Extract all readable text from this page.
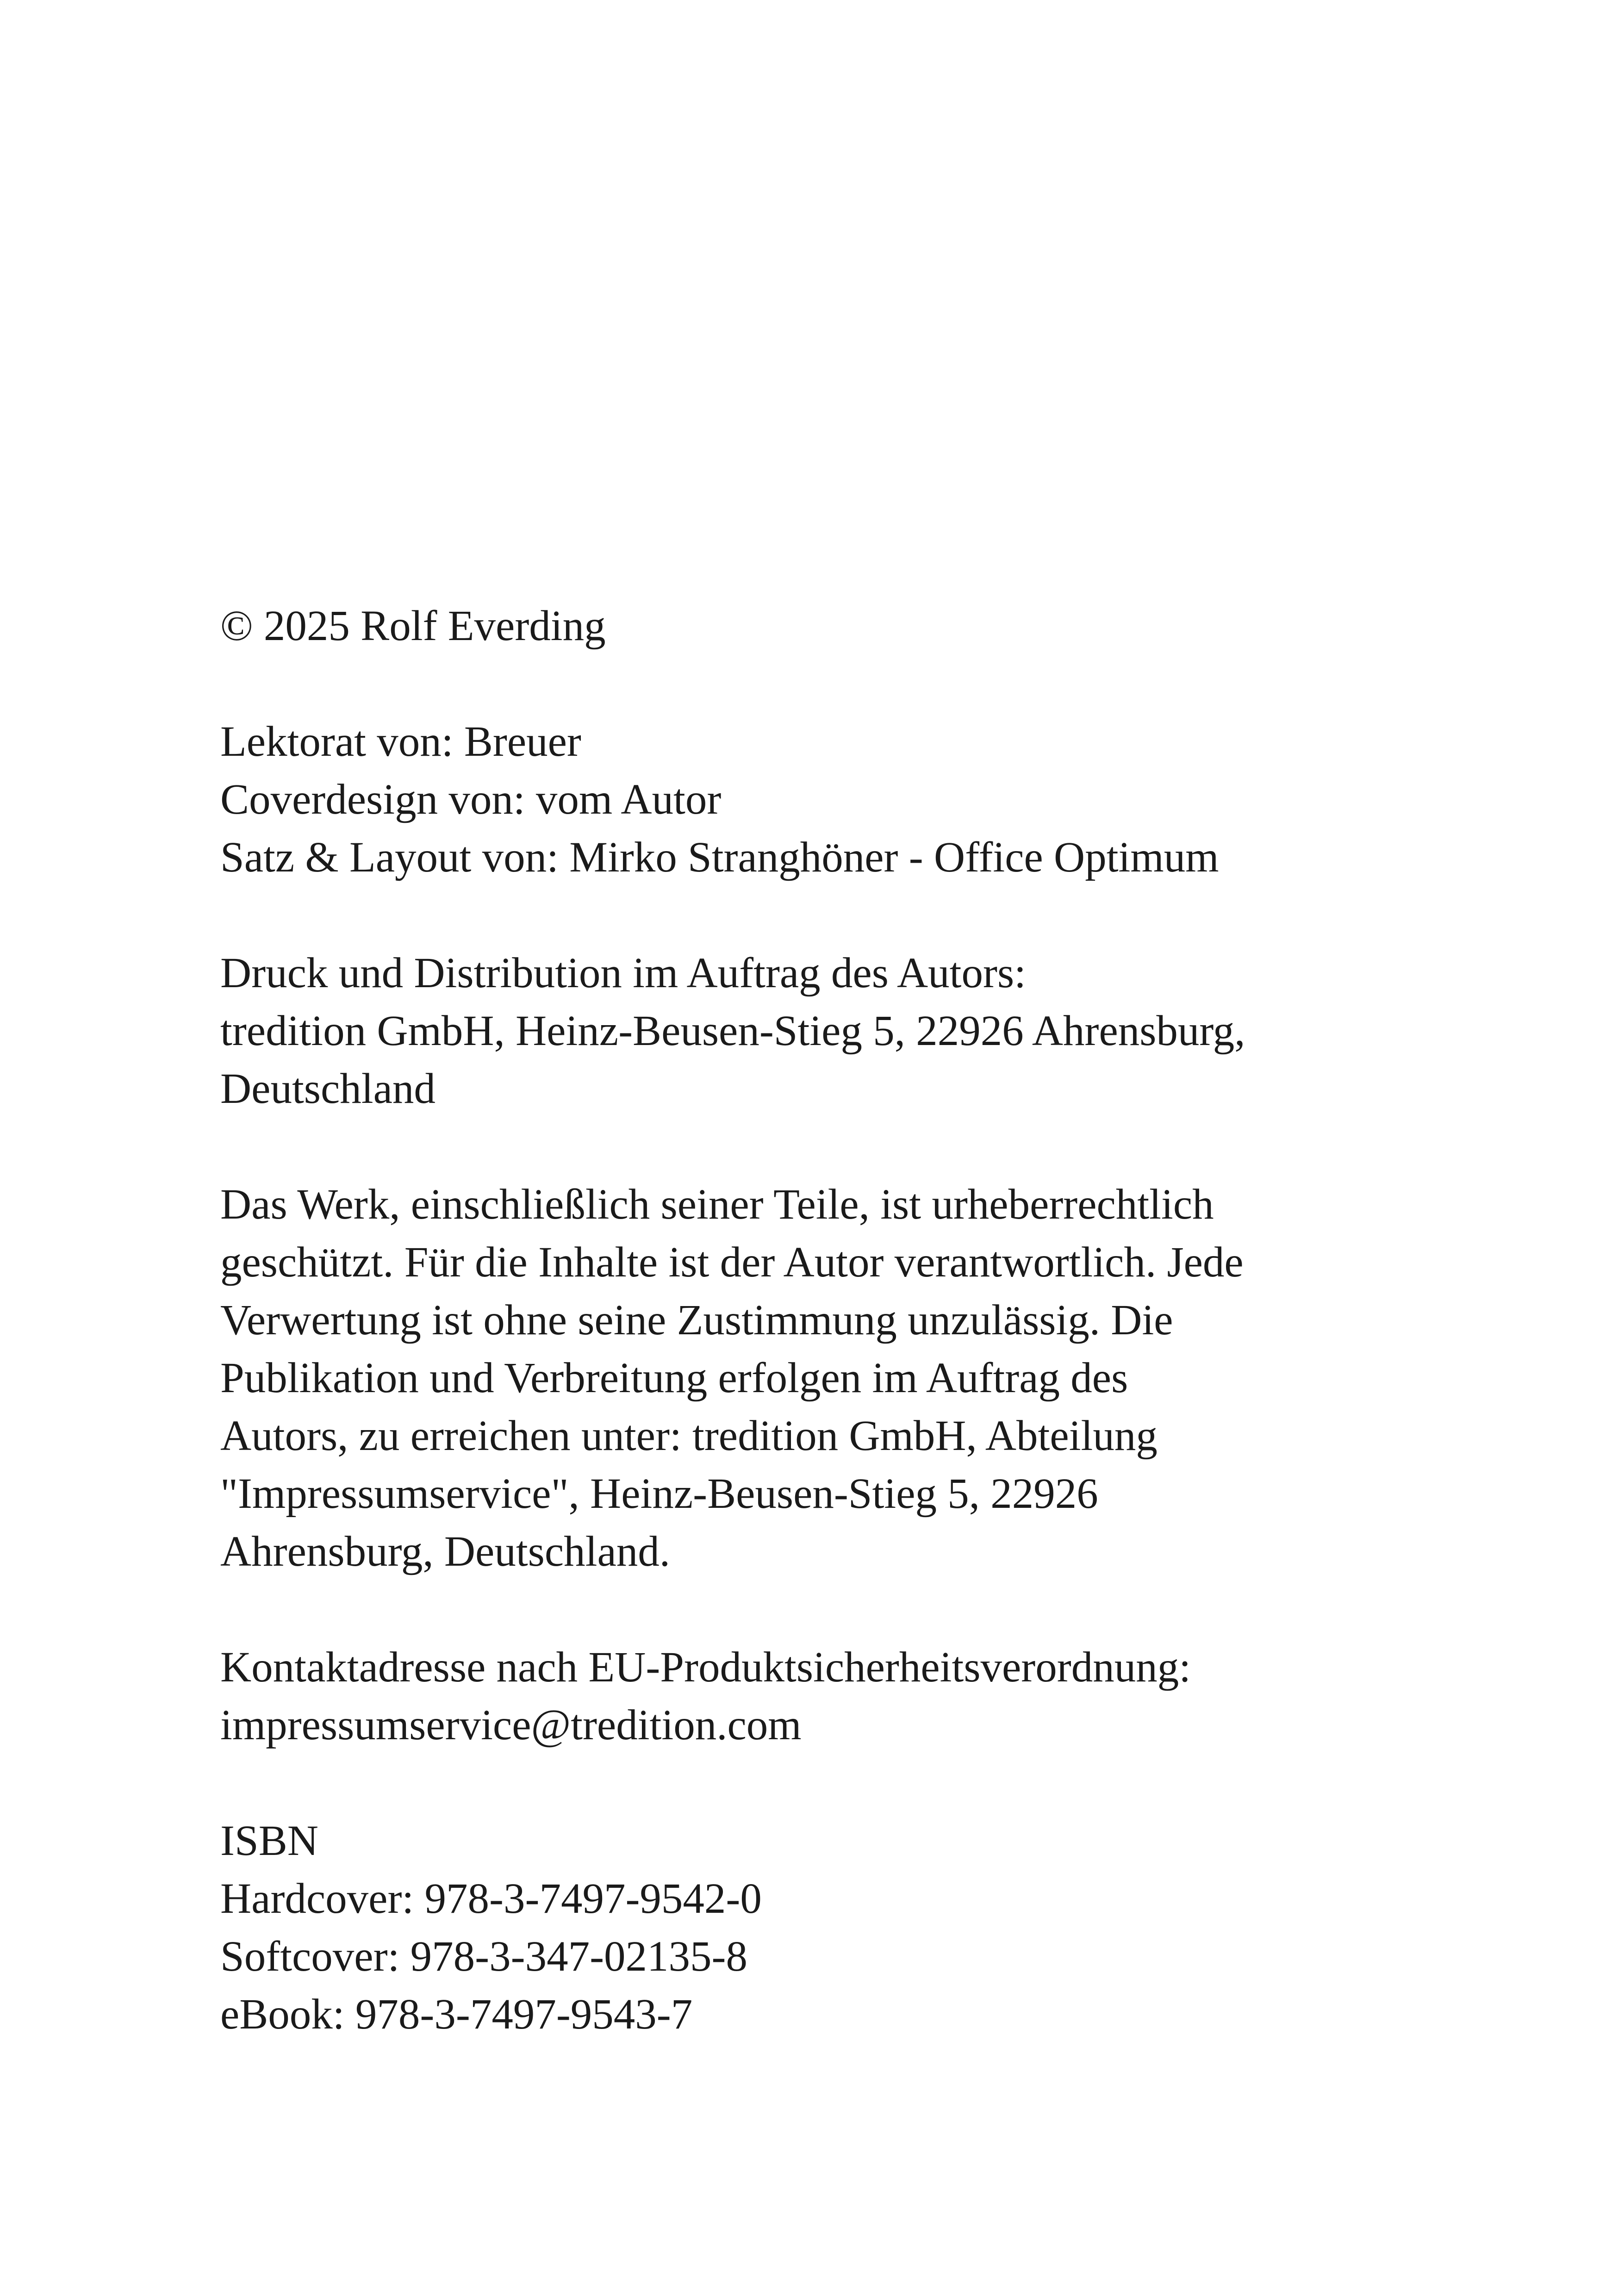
© 2025 Rolf Everding
Lektorat von: Breuer
Coverdesign von: vom Autor
Satz & Layout von: Mirko Stranghöner - Office Optimum
Druck und Distribution im Auftrag des Autors:
tredition GmbH, Heinz-Beusen-Stieg 5, 22926 Ahrensburg,
Deutschland
Das Werk, einschließlich seiner Teile, ist urheberrechtlich
geschützt. Für die Inhalte ist der Autor verantwortlich. Jede
Verwertung ist ohne seine Zustimmung unzulässig. Die
Publikation und Verbreitung erfolgen im Auftrag des
Autors, zu erreichen unter: tredition GmbH, Abteilung
"Impressumservice", Heinz-Beusen-Stieg 5, 22926
Ahrensburg, Deutschland.
Kontaktadresse nach EU-Produktsicherheitsverordnung:
impressumservice@tredition.com
ISBN
Hardcover: 978-3-7497-9542-0
Softcover: 978-3-347-02135-8
eBook: 978-3-7497-9543-7
